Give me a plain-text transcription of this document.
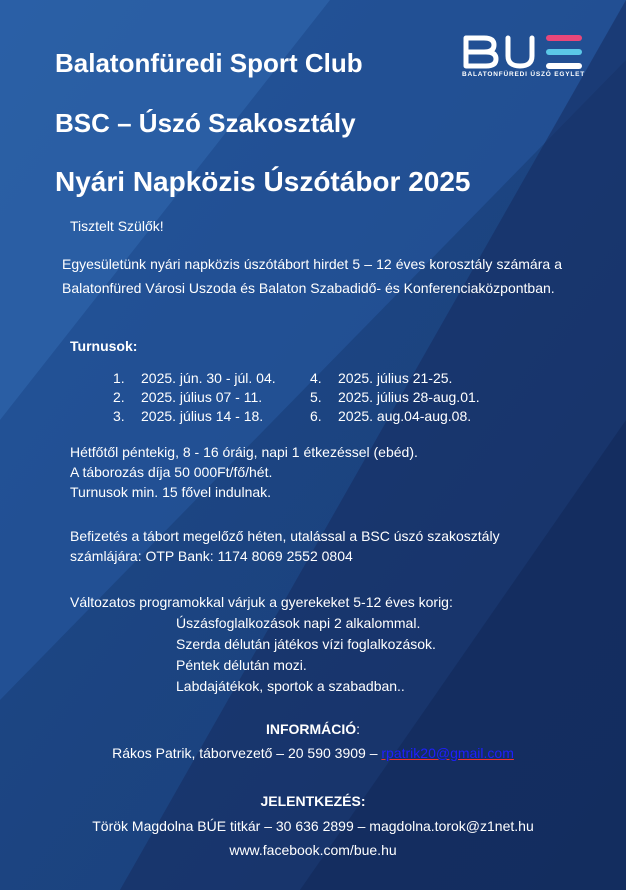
Balatonfüredi Sport Club
BSC – Úszó Szakosztály
Nyári Napközis Úszótábor 2025
BALATONFÜREDI ÚSZÓ EGYLET
Tisztelt Szülők!
Egyesületünk nyári napközis úszótábort hirdet 5 – 12 éves korosztály számára a Balatonfüred Városi Uszoda és Balaton Szabadidő- és Konferenciaközpontban.
Turnusok:
1. 2025. jún. 30 - júl. 04.
2. 2025. július 07 - 11.
3. 2025. július 14 - 18.
4. 2025. július 21-25.
5. 2025. július 28-aug.01.
6. 2025. aug.04-aug.08.
Hétfőtől péntekig, 8 - 16 óráig, napi 1 étkezéssel (ebéd).
A táborozás díja 50 000Ft/fő/hét.
Turnusok min. 15 fővel indulnak.
Befizetés a tábort megelőző héten, utalással a BSC úszó szakosztály
számlájára: OTP Bank: 1174 8069 2552 0804
Változatos programokkal várjuk a gyerekeket 5-12 éves korig:
Úszásfoglalkozások napi 2 alkalommal.
Szerda délután játékos vízi foglalkozások.
Péntek délután mozi.
Labdajátékok, sportok a szabadban..
INFORMÁCIÓ:
Rákos Patrik, táborvezető – 20 590 3909 – rpatrik20@gmail.com
JELENTKEZÉS:
Török Magdolna BÚE titkár – 30 636 2899 – magdolna.torok@z1net.hu
www.facebook.com/bue.hu
